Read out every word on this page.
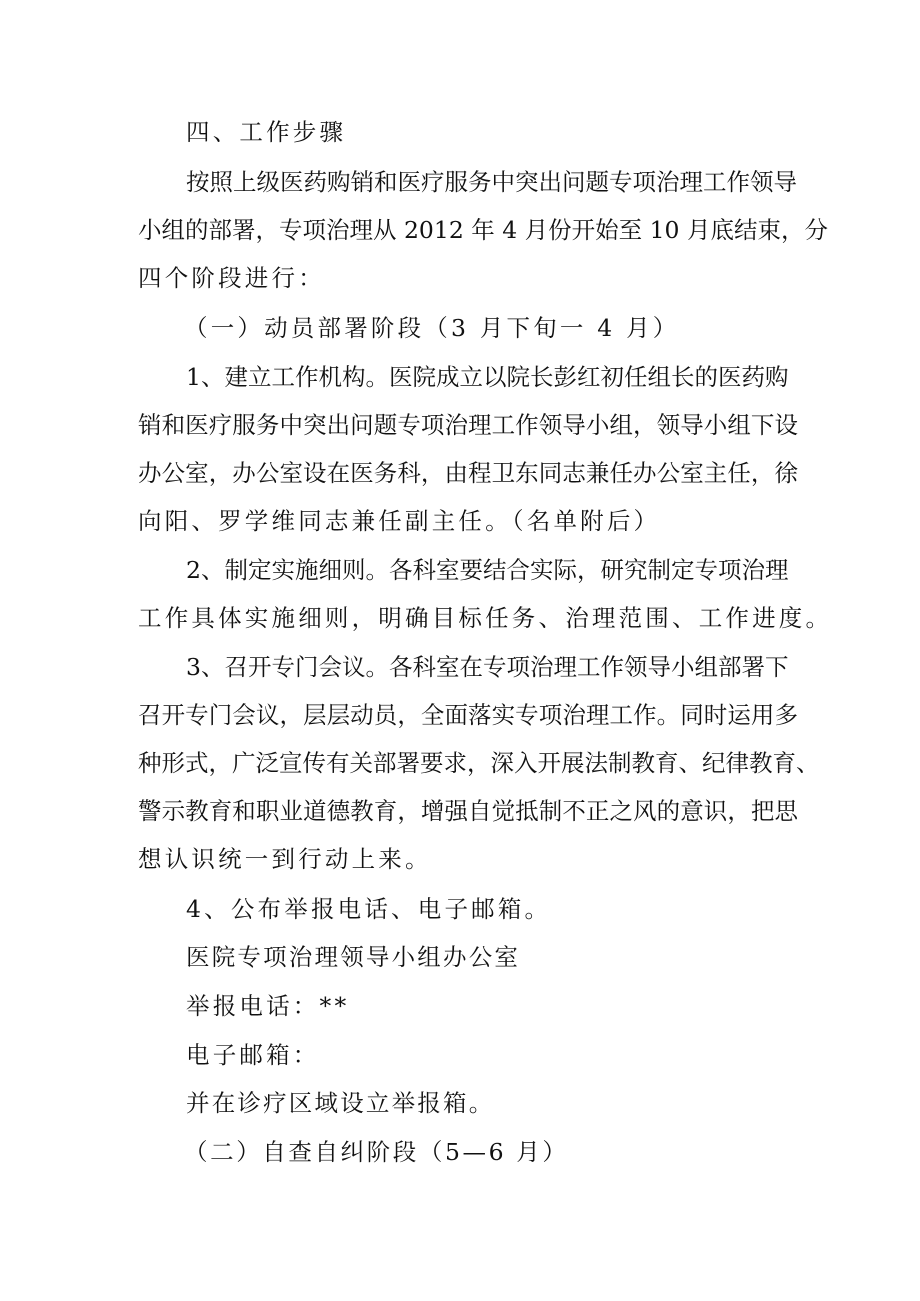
四、工作步骤
按照上级医药购销和医疗服务中突出问题专项治理工作领导
小组的部署，专项治理从 2012 年 4 月份开始至 10 月底结束，分
四个阶段进行：
（一）动员部署阶段（3 月下旬一 4 月）
1、建立工作机构。医院成立以院长彭红初任组长的医药购
销和医疗服务中突出问题专项治理工作领导小组，领导小组下设
办公室，办公室设在医务科，由程卫东同志兼任办公室主任，徐
向阳、罗学维同志兼任副主任。（名单附后）
2、制定实施细则。各科室要结合实际，研究制定专项治理
工作具体实施细则，明确目标任务、治理范围、工作进度。
3、召开专门会议。各科室在专项治理工作领导小组部署下
召开专门会议，层层动员，全面落实专项治理工作。同时运用多
种形式，广泛宣传有关部署要求，深入开展法制教育、纪律教育、
警示教育和职业道德教育，增强自觉抵制不正之风的意识，把思
想认识统一到行动上来。
4、公布举报电话、电子邮箱。
医院专项治理领导小组办公室
举报电话：**
电子邮箱：
并在诊疗区域设立举报箱。
（二）自查自纠阶段（5—6 月）
